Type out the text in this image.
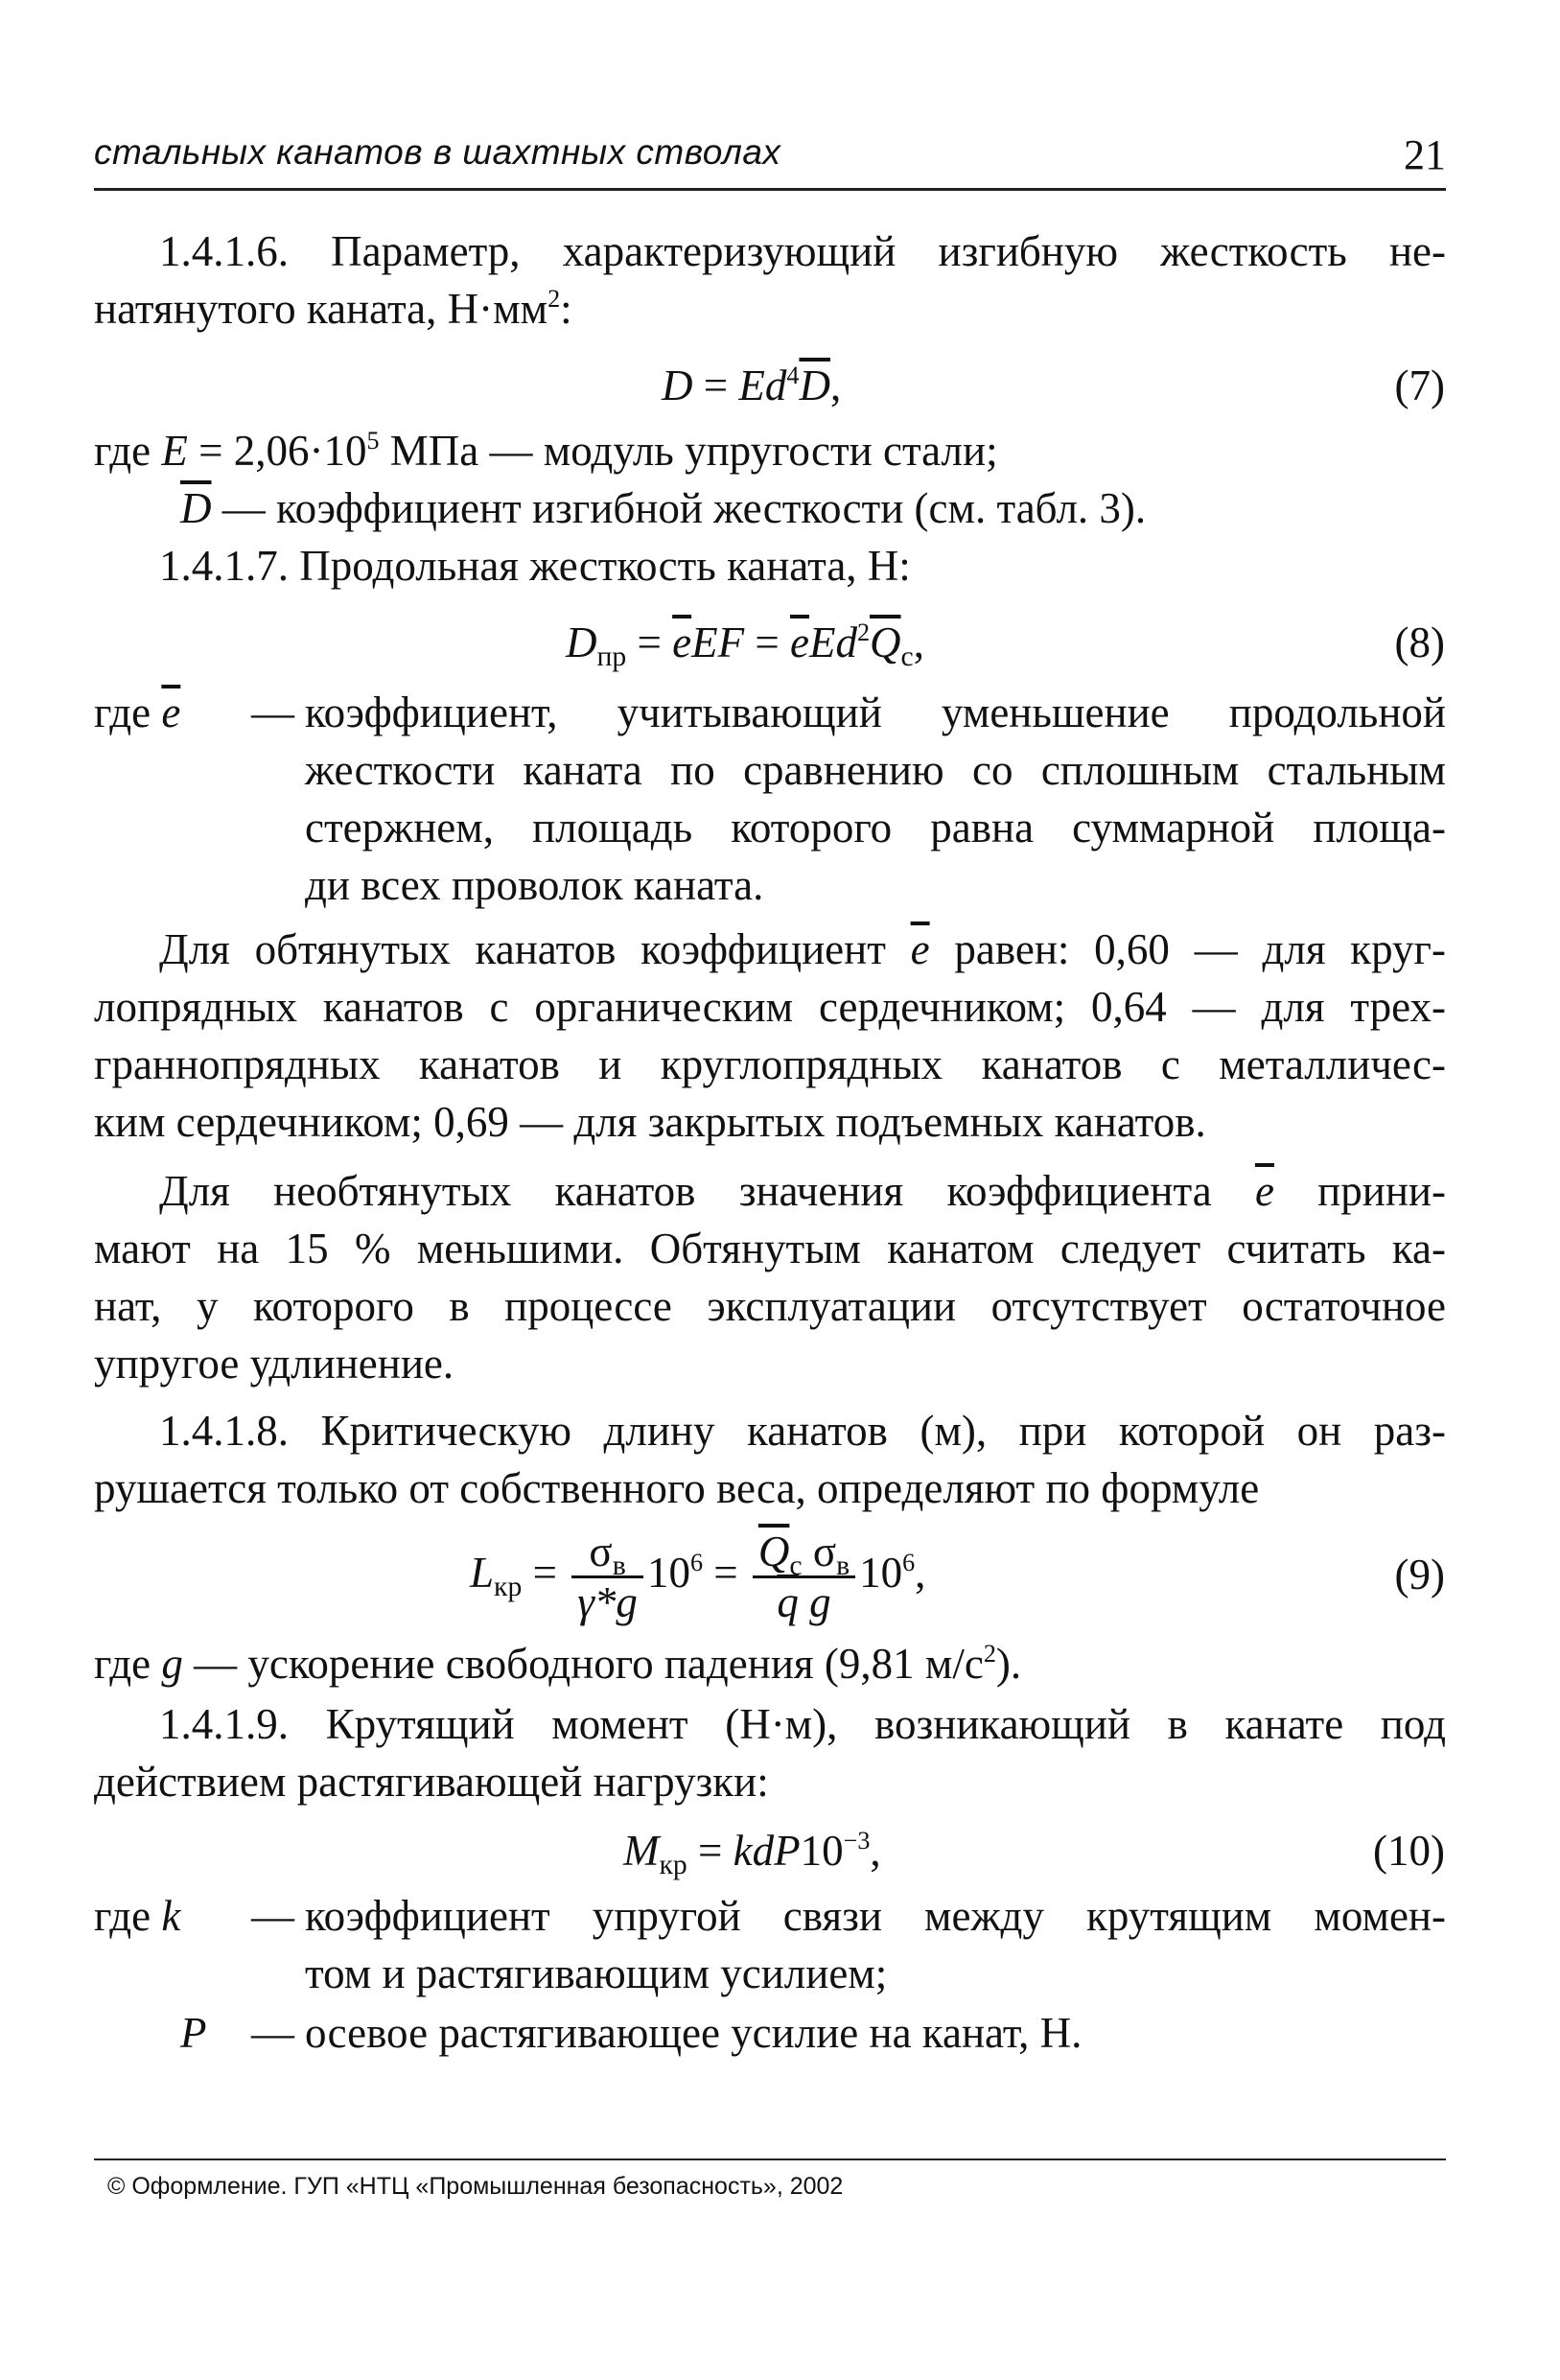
стальных канатов в шахтных стволах	21
1.4.1.6. Параметр, характеризующий изгибную жесткость не-
натянутого каната, $Н\cdot мм^2$:
$D = Ed^4\overline{D}$,	(7)
где $E = 2,06\cdot 10^5$ МПа — модуль упругости стали;
$\overline{D}$ — коэффициент изгибной жесткости (см. табл. 3).
1.4.1.7. Продольная жесткость каната, Н:
$D_{пр} = \overline{e}EF = \overline{e}Ed^2\overline{Q}_с$,	(8)
где $\overline{e}$ — коэффициент, учитывающий уменьшение продольной
жесткости каната по сравнению со сплошным стальным
стержнем, площадь которого равна суммарной площа-
ди всех проволок каната.
Для обтянутых канатов коэффициент $\overline{e}$ равен: 0,60 — для круг-
лопрядных канатов с органическим сердечником; 0,64 — для трех-
граннопрядных канатов и круглопрядных канатов с металличес-
ким сердечником; 0,69 — для закрытых подъемных канатов.
Для необтянутых канатов значения коэффициента $\overline{e}$ прини-
мают на 15 % меньшими. Обтянутым канатом следует считать ка-
нат, у которого в процессе эксплуатации отсутствует остаточное
упругое удлинение.
1.4.1.8. Критическую длину канатов (м), при которой он раз-
рушается только от собственного веса, определяют по формуле
$L_{кр} = \frac{\sigma_в}{\gamma*g} 10^6 = \frac{\overline{Q}_c \sigma_в}{\overline{q} g} 10^6$,	(9)
где g — ускорение свободного падения (9,81 $м/с^2$).
1.4.1.9. Крутящий момент (Н·м), возникающий в канате под
действием растягивающей нагрузки:
$M_{кр} = kdP10^{-3}$,	(10)
где k — коэффициент упругой связи между крутящим момен-
том и растягивающим усилием;
P — осевое растягивающее усилие на канат, Н.
© Оформление. ГУП «НТЦ «Промышленная безопасность», 2002
